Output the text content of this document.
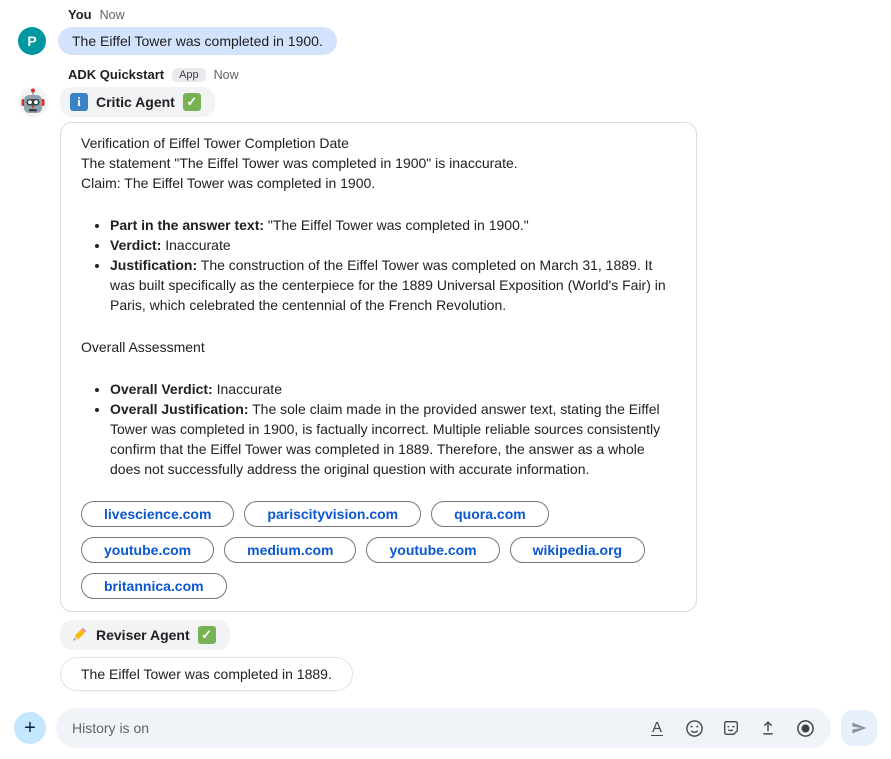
You Now
P	The Eiffel Tower was completed in 1900.
ADK Quickstart	App	Now
i	Critic Agent ✓
Verification of Eiffel Tower Completion Date
The statement "The Eiffel Tower was completed in 1900" is inaccurate.
Claim: The Eiffel Tower was completed in 1900.
• Part in the answer text: "The Eiffel Tower was completed in 1900."
• Verdict: Inaccurate
• Justification: The construction of the Eiffel Tower was completed on March 31, 1889. It was built specifically as the centerpiece for the 1889 Universal Exposition (World's Fair) in Paris, which celebrated the centennial of the French Revolution.
Overall Assessment
• Overall Verdict: Inaccurate
• Overall Justification: The sole claim made in the provided answer text, stating the Eiffel Tower was completed in 1900, is factually incorrect. Multiple reliable sources consistently confirm that the Eiffel Tower was completed in 1889. Therefore, the answer as a whole does not successfully address the original question with accurate information.
livescience.com	pariscityvision.com	quora.com
youtube.com	medium.com	youtube.com	wikipedia.org
britannica.com
Reviser Agent ✓
The Eiffel Tower was completed in 1889.
+	History is on	A
